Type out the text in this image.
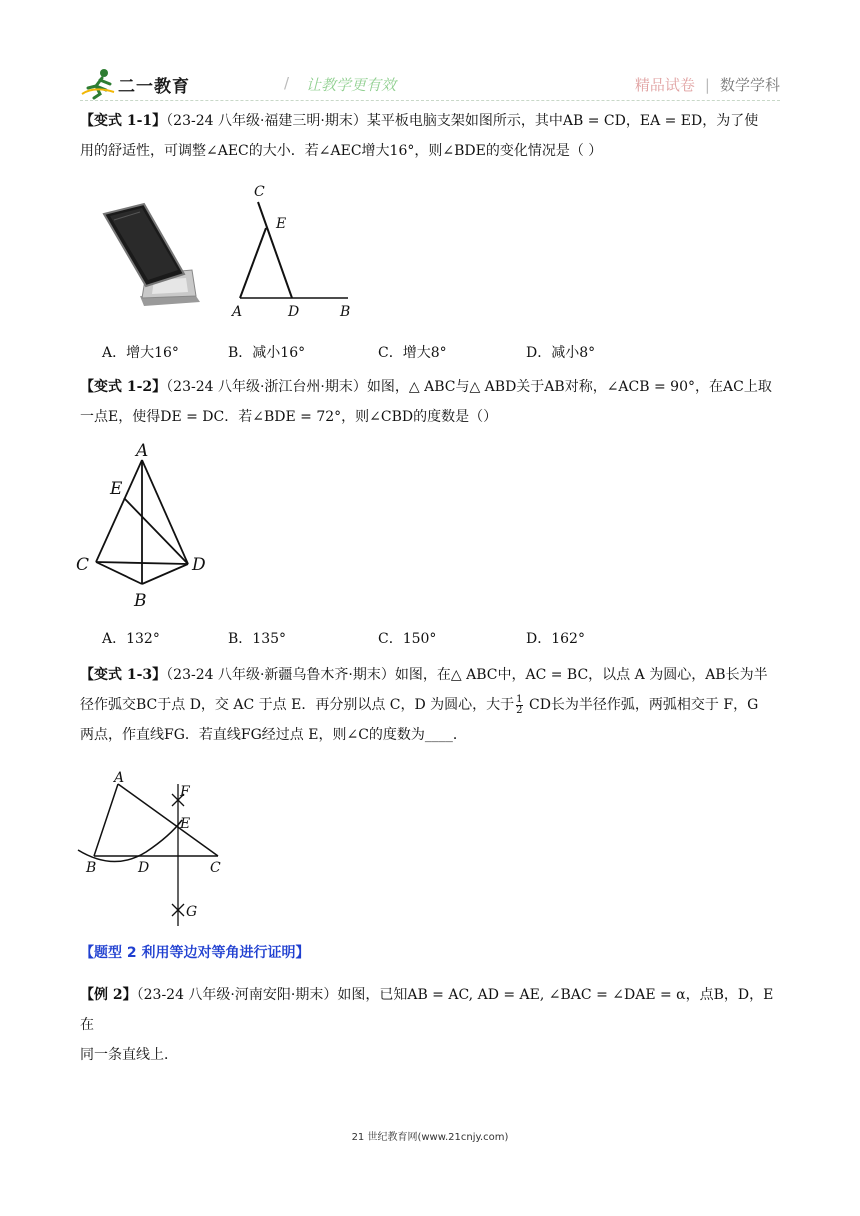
二一教育	/ 让教学更有效	精品试卷 | 数学学科
【变式 1-1】（23-24 八年级·福建三明·期末）某平板电脑支架如图所示，其中AB = CD，EA = ED，为了使
用的舒适性，可调整∠AEC的大小．若∠AEC增大16°，则∠BDE的变化情况是（ ）
C
E
A	D	B
A．增大16°	B．减小16°	C．增大8°	D．减小8°
【变式 1-2】（23-24 八年级·浙江台州·期末）如图，△ ABC与△ ABD关于AB对称，∠ACB = 90°，在AC上取
一点E，使得DE = DC．若∠BDE = 72°，则∠CBD的度数是（）
A
E
C	D
B
A．132°	B．135°	C．150°	D．162°
【变式 1-3】（23-24 八年级·新疆乌鲁木齐·期末）如图，在△ ABC中，AC = BC，以点 A 为圆心，AB长为半
径作弧交BC于点 D，交 AC 于点 E．再分别以点 C，D 为圆心，大于 $\frac{1}{2}$ CD长为半径作弧，两弧相交于 F，G
两点，作直线FG．若直线FG经过点 E，则∠C的度数为____．
A
F
E
B	D	C
G
【题型 2 利用等边对等角进行证明】
【例 2】（23-24 八年级·河南安阳·期末）如图，已知AB = AC, AD = AE, ∠BAC = ∠DAE = α，点B，D，E在
同一条直线上．
21 世纪教育网(www.21cnjy.com)
